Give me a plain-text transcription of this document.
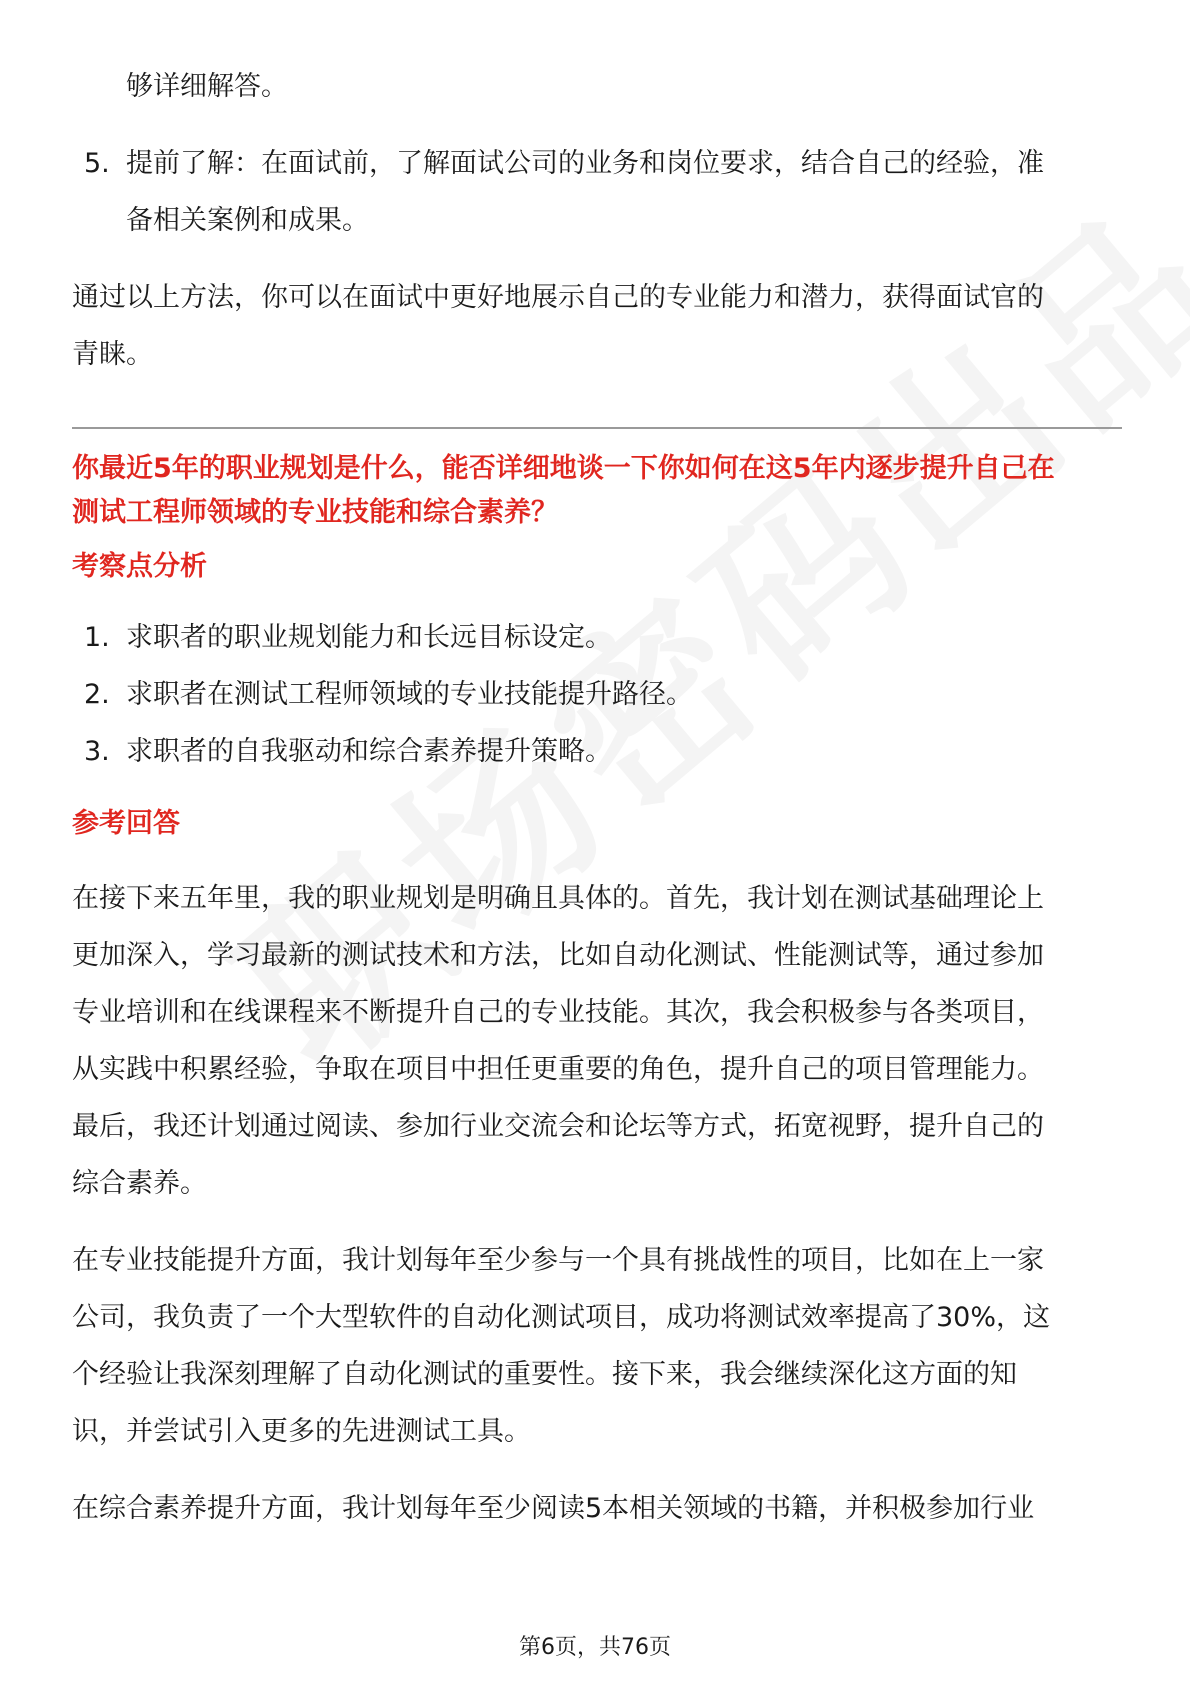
够详细解答。

5. 提前了解：在面试前，了解面试公司的业务和岗位要求，结合自己的经验，准

备相关案例和成果。

通过以上方法，你可以在面试中更好地展示自己的专业能力和潜力，获得面试官的

青睐。

你最近5年的职业规划是什么，能否详细地谈一下你如何在这5年内逐步提升自己在

测试工程师领域的专业技能和综合素养？

考察点分析

1. 求职者的职业规划能力和长远目标设定。
2. 求职者在测试工程师领域的专业技能提升路径。
3. 求职者的自我驱动和综合素养提升策略。

参考回答

在接下来五年里，我的职业规划是明确且具体的。首先，我计划在测试基础理论上

更加深入，学习最新的测试技术和方法，比如自动化测试、性能测试等，通过参加

专业培训和在线课程来不断提升自己的专业技能。其次，我会积极参与各类项目，

从实践中积累经验，争取在项目中担任更重要的角色，提升自己的项目管理能力。

最后，我还计划通过阅读、参加行业交流会和论坛等方式，拓宽视野，提升自己的

综合素养。

在专业技能提升方面，我计划每年至少参与一个具有挑战性的项目，比如在上一家

公司，我负责了一个大型软件的自动化测试项目，成功将测试效率提高了30%，这

个经验让我深刻理解了自动化测试的重要性。接下来，我会继续深化这方面的知

识，并尝试引入更多的先进测试工具。

在综合素养提升方面，我计划每年至少阅读5本相关领域的书籍，并积极参加行业

第6页，共76页
